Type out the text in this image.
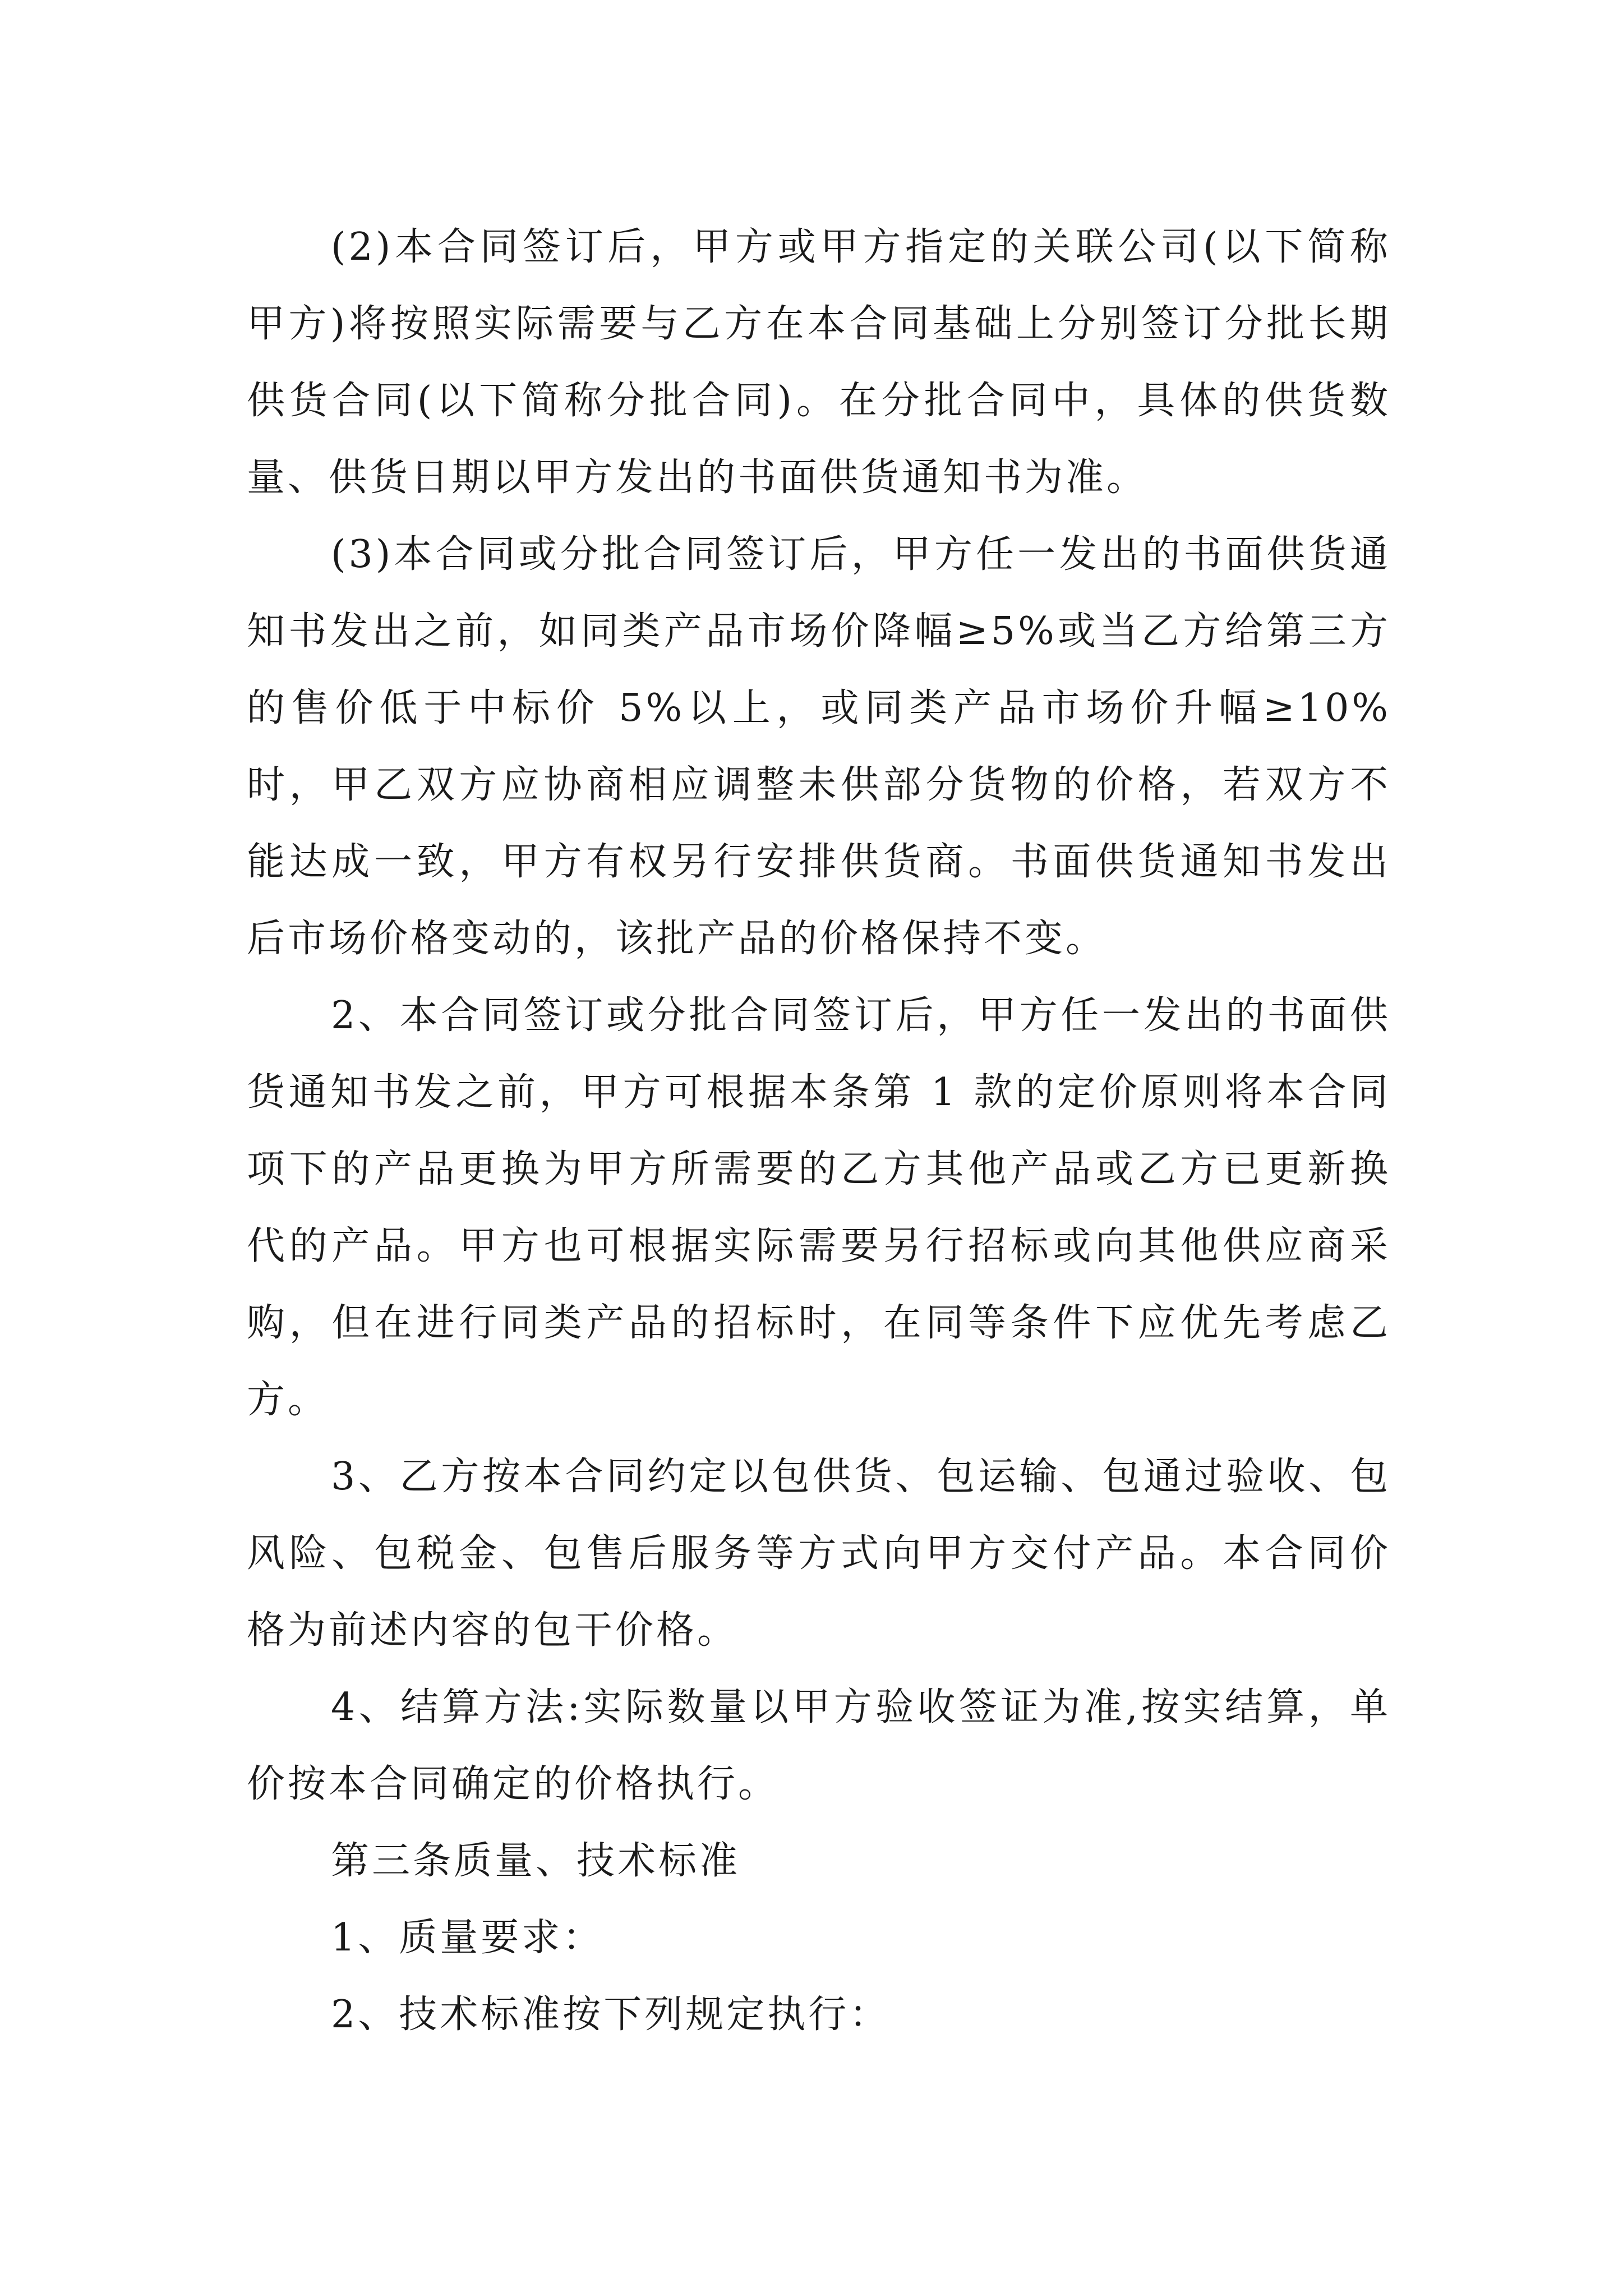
(2)本合同签订后，甲方或甲方指定的关联公司(以下简称甲方)将按照实际需要与乙方在本合同基础上分别签订分批长期供货合同(以下简称分批合同)。在分批合同中，具体的供货数量、供货日期以甲方发出的书面供货通知书为准。

(3)本合同或分批合同签订后，甲方任一发出的书面供货通知书发出之前，如同类产品市场价降幅≥5%或当乙方给第三方的售价低于中标价 5%以上，或同类产品市场价升幅≥10%时，甲乙双方应协商相应调整未供部分货物的价格，若双方不能达成一致，甲方有权另行安排供货商。书面供货通知书发出后市场价格变动的，该批产品的价格保持不变。

2、本合同签订或分批合同签订后，甲方任一发出的书面供货通知书发之前，甲方可根据本条第 1 款的定价原则将本合同项下的产品更换为甲方所需要的乙方其他产品或乙方已更新换代的产品。甲方也可根据实际需要另行招标或向其他供应商采购，但在进行同类产品的招标时，在同等条件下应优先考虑乙方。

3、乙方按本合同约定以包供货、包运输、包通过验收、包风险、包税金、包售后服务等方式向甲方交付产品。本合同价格为前述内容的包干价格。

4、结算方法:实际数量以甲方验收签证为准,按实结算，单价按本合同确定的价格执行。

第三条质量、技术标准

1、质量要求：

2、技术标准按下列规定执行：
